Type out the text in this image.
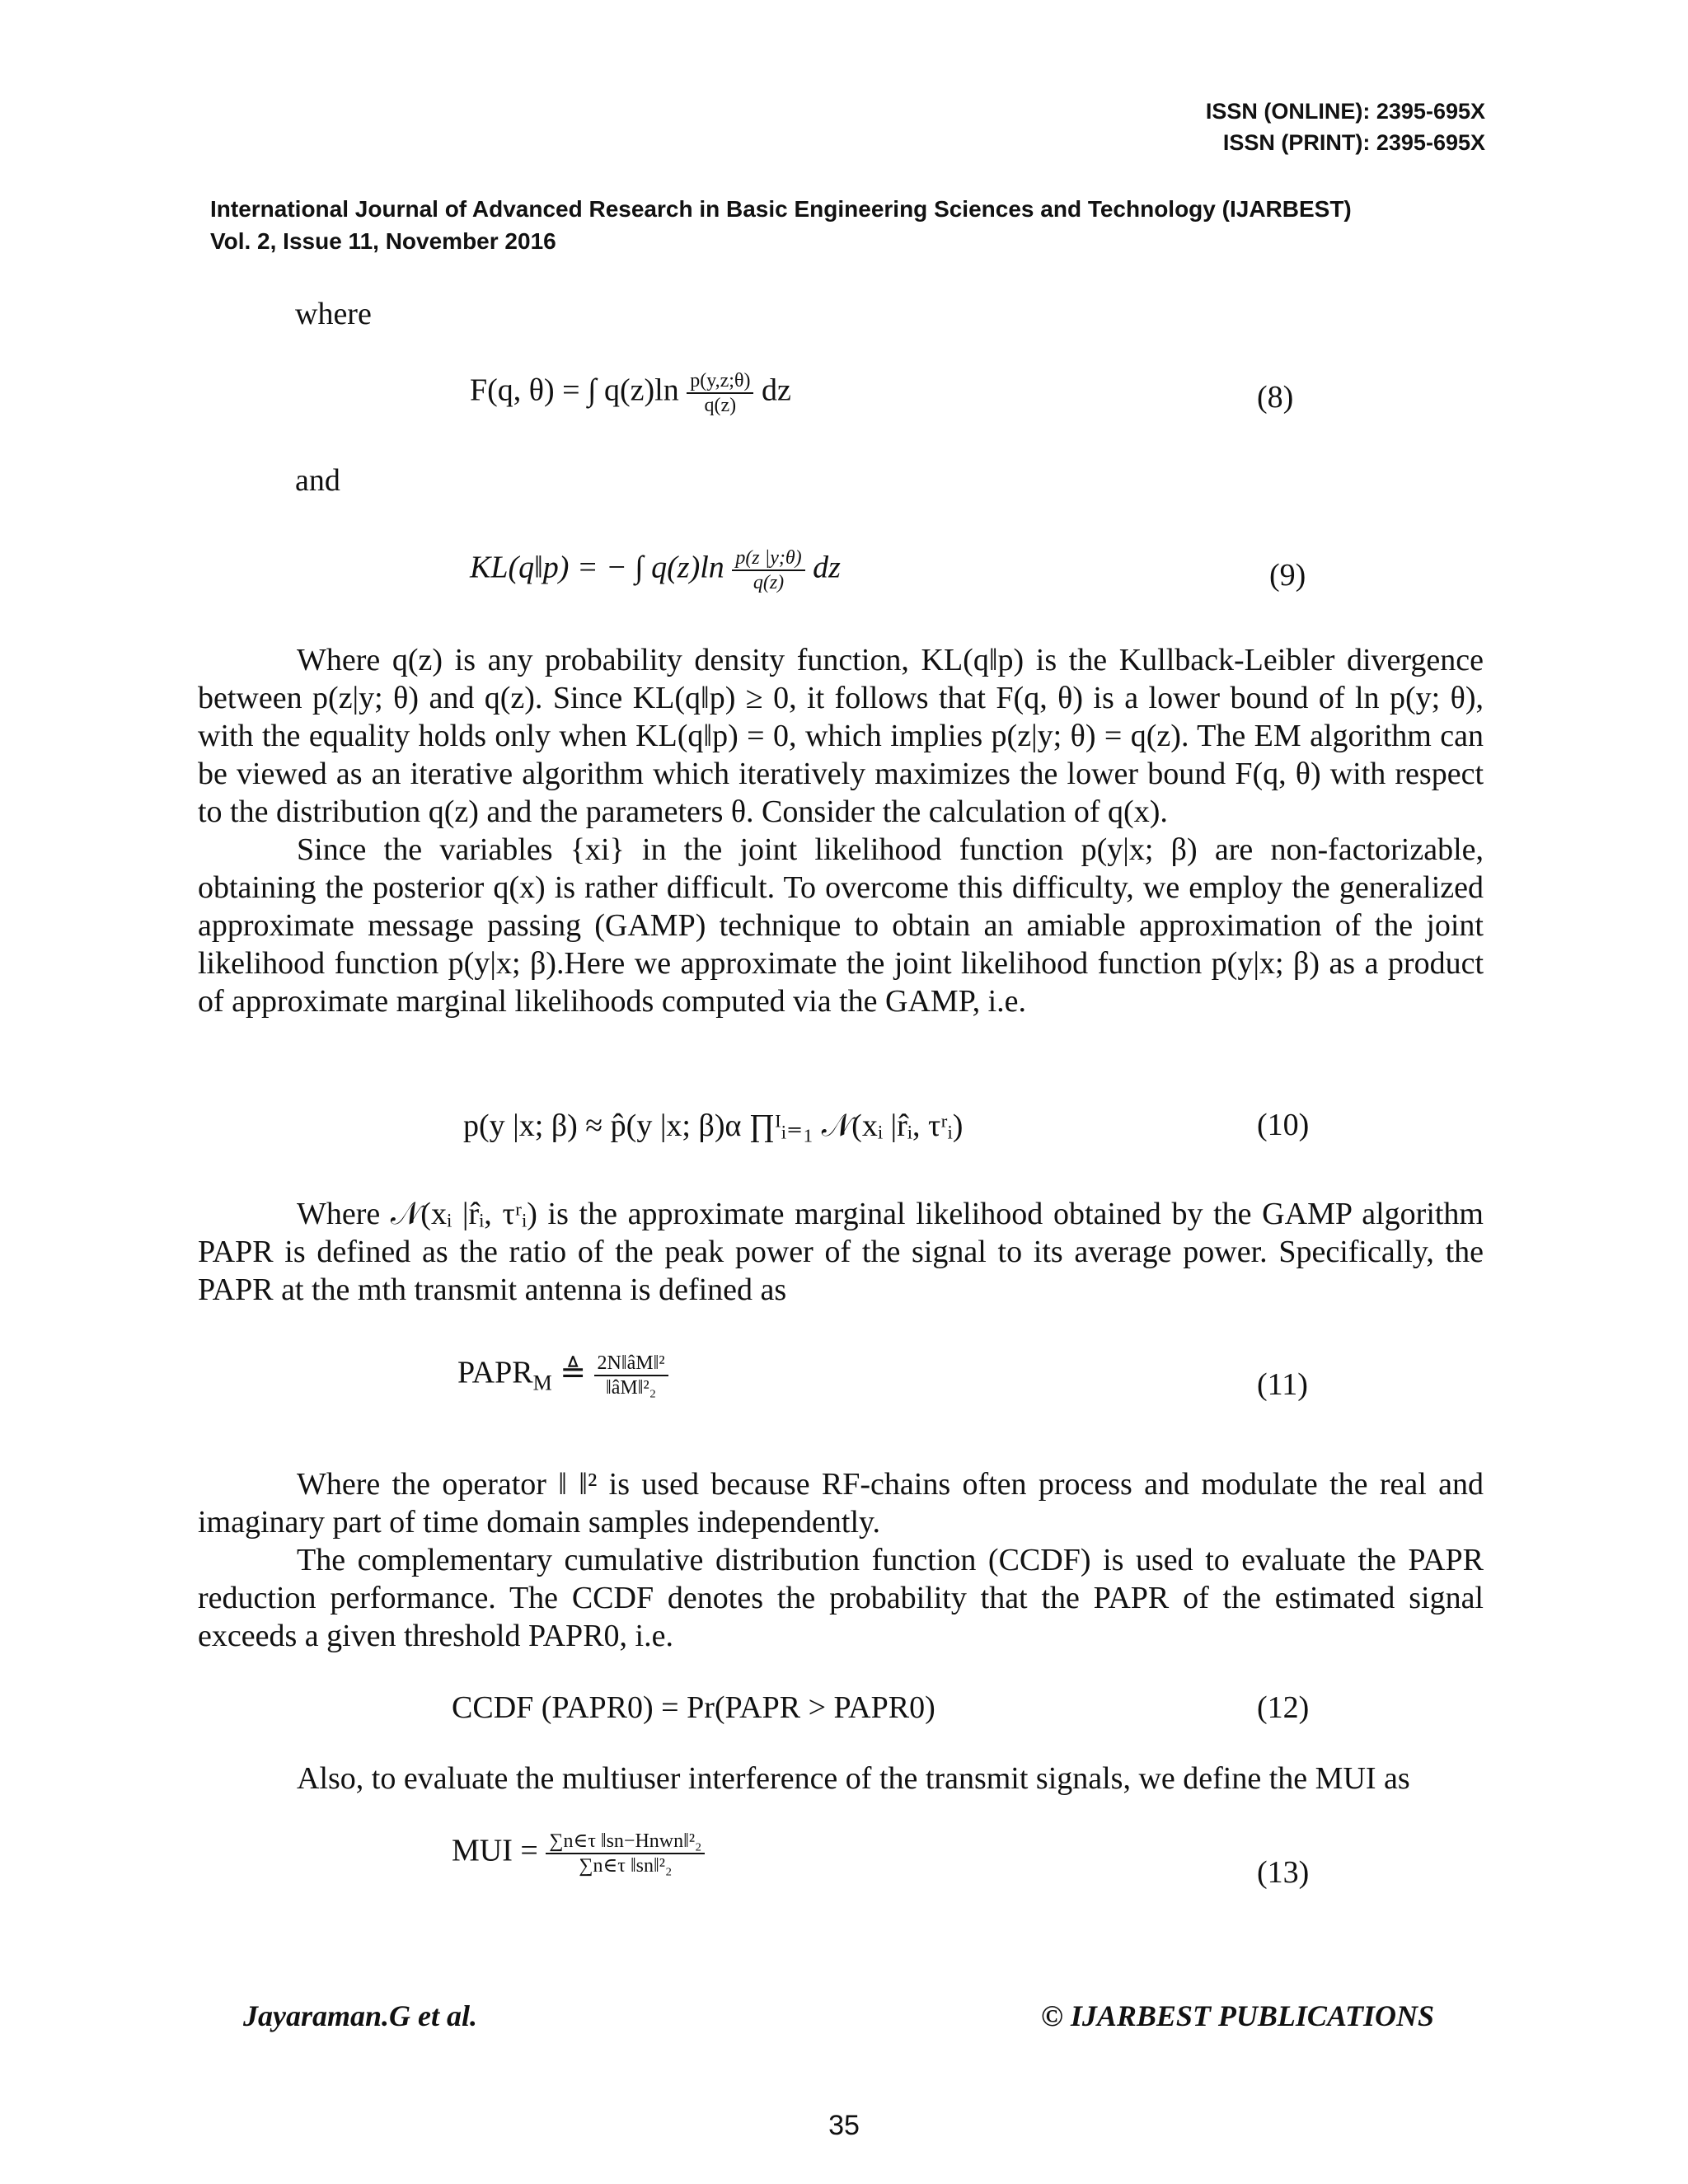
ISSN (ONLINE): 2395-695X
ISSN (PRINT): 2395-695X
International Journal of Advanced Research in Basic Engineering Sciences and Technology (IJARBEST)
Vol. 2, Issue 11, November 2016
where
F(q, θ) = ∫ $q(z)\ln \frac{p(y,z;\theta)}{q(z)}$ dz	(8)
and
KL(q‖p) = − ∫ $q(z)\ln \frac{p(z |y;\theta)}{q(z)}$ dz	(9)

Where q(z) is any probability density function, KL(q‖p) is the Kullback-Leibler divergence between p(z|y; θ) and q(z). Since KL(q‖p) ≥ 0, it follows that F(q, θ) is a lower bound of ln p(y; θ), with the equality holds only when KL(q‖p) = 0, which implies p(z|y; θ) = q(z). The EM algorithm can be viewed as an iterative algorithm which iteratively maximizes the lower bound F(q, θ) with respect to the distribution q(z) and the parameters θ. Consider the calculation of q(x).

Since the variables {xi} in the joint likelihood function p(y|x; β) are non-factorizable, obtaining the posterior q(x) is rather difficult. To overcome this difficulty, we employ the generalized approximate message passing (GAMP) technique to obtain an amiable approximation of the joint likelihood function p(y|x; β).Here we approximate the joint likelihood function p(y|x; β) as a product of approximate marginal likelihoods computed via the GAMP, i.e.

p(y |x; β) ≈ p̂(y |x; β)α ∏ᴵᵢ₌₁ 𝒩(xᵢ |r̂ᵢ, τʳᵢ)	(10)

Where 𝒩(xᵢ |r̂ᵢ, τʳᵢ) is the approximate marginal likelihood obtained by the GAMP algorithm PAPR is defined as the ratio of the peak power of the signal to its average power. Specifically, the PAPR at the mth transmit antenna is defined as

$PAPR_M$ ≜ $\frac{\text{2N‖âM‖²}}{\text{‖âM‖²₂}}$	(11)

Where the operator ‖ ‖² is used because RF-chains often process and modulate the real and imaginary part of time domain samples independently.

The complementary cumulative distribution function (CCDF) is used to evaluate the PAPR reduction performance. The CCDF denotes the probability that the PAPR of the estimated signal exceeds a given threshold PAPR0, i.e.

CCDF (PAPR0) = Pr(PAPR > PAPR0)	(12)

Also, to evaluate the multiuser interference of the transmit signals, we define the MUI as

MUI = $\frac{\text{∑n∈τ ‖sn−Hnwn‖²₂}}{\text{∑n∈τ ‖sn‖²₂}}$	(13)
Jayaraman.G et al.	© IJARBEST PUBLICATIONS
35
